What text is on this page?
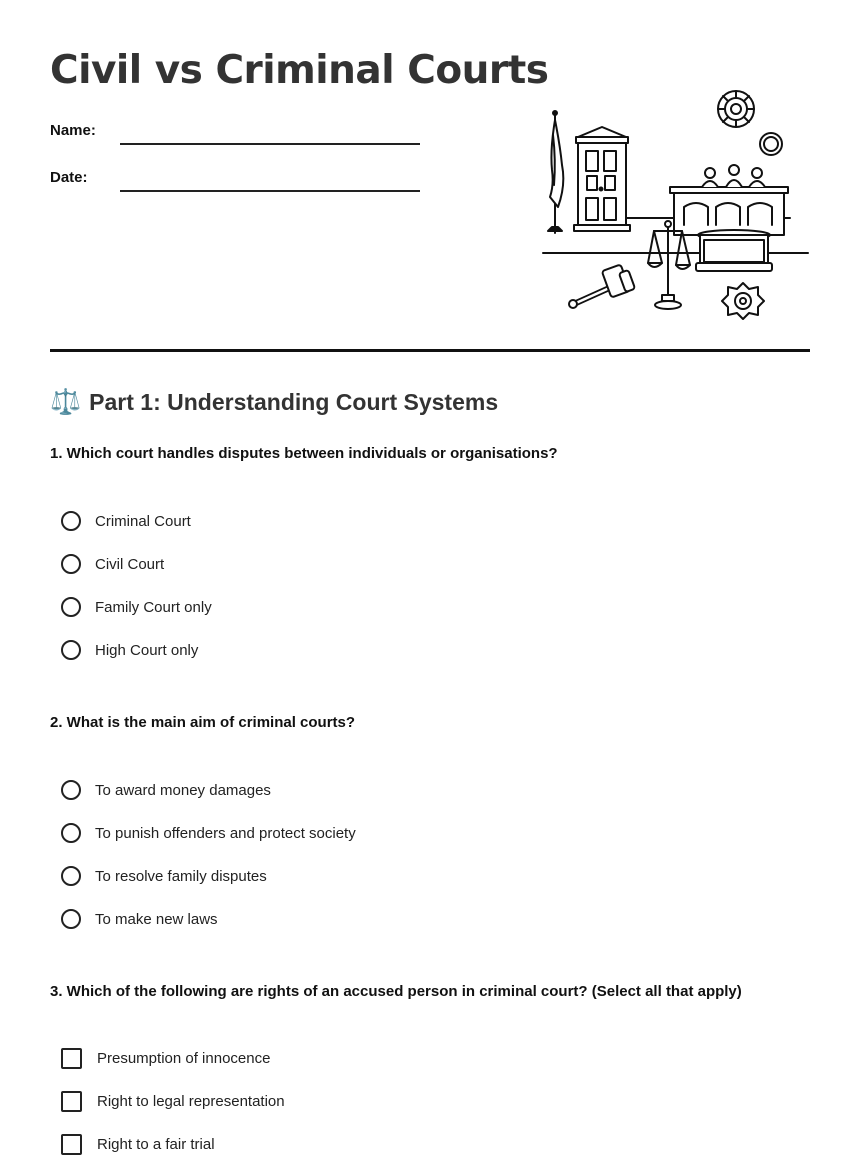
Civil vs Criminal Courts
Name:
Date:
⚖️ Part 1: Understanding Court Systems

1. Which court handles disputes between individuals or organisations?

Criminal Court
Civil Court
Family Court only
High Court only

2. What is the main aim of criminal courts?

To award money damages
To punish offenders and protect society
To resolve family disputes
To make new laws

3. Which of the following are rights of an accused person in criminal court? (Select all that apply)

Presumption of innocence
Right to legal representation
Right to a fair trial
